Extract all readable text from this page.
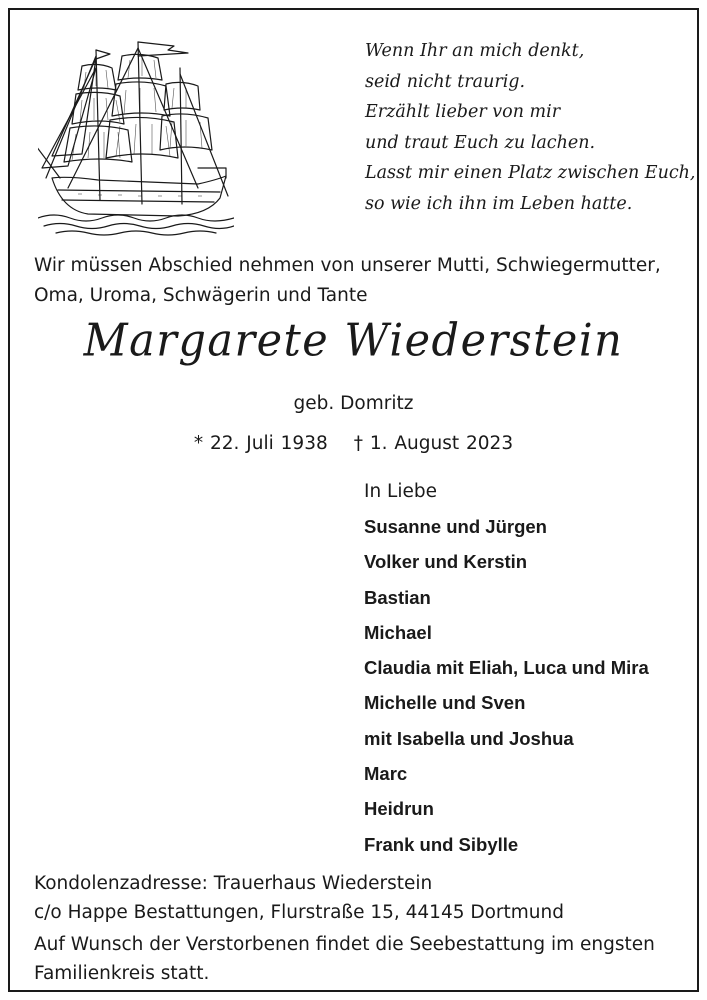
Wenn Ihr an mich denkt,
seid nicht traurig.
Erzählt lieber von mir
und traut Euch zu lachen.
Lasst mir einen Platz zwischen Euch,
so wie ich ihn im Leben hatte.
Wir müssen Abschied nehmen von unserer Mutti, Schwiegermutter, Oma, Uroma, Schwägerin und Tante
Margarete Wiederstein
geb. Domritz
* 22. Juli 1938 † 1. August 2023
In Liebe
Susanne und Jürgen
Volker und Kerstin
Bastian
Michael
Claudia mit Eliah, Luca und Mira
Michelle und Sven
mit Isabella und Joshua
Marc
Heidrun
Frank und Sibylle
Kondolenzadresse: Trauerhaus Wiederstein
c/o Happe Bestattungen, Flurstraße 15, 44145 Dortmund
Auf Wunsch der Verstorbenen findet die Seebestattung im engsten Familienkreis statt.
